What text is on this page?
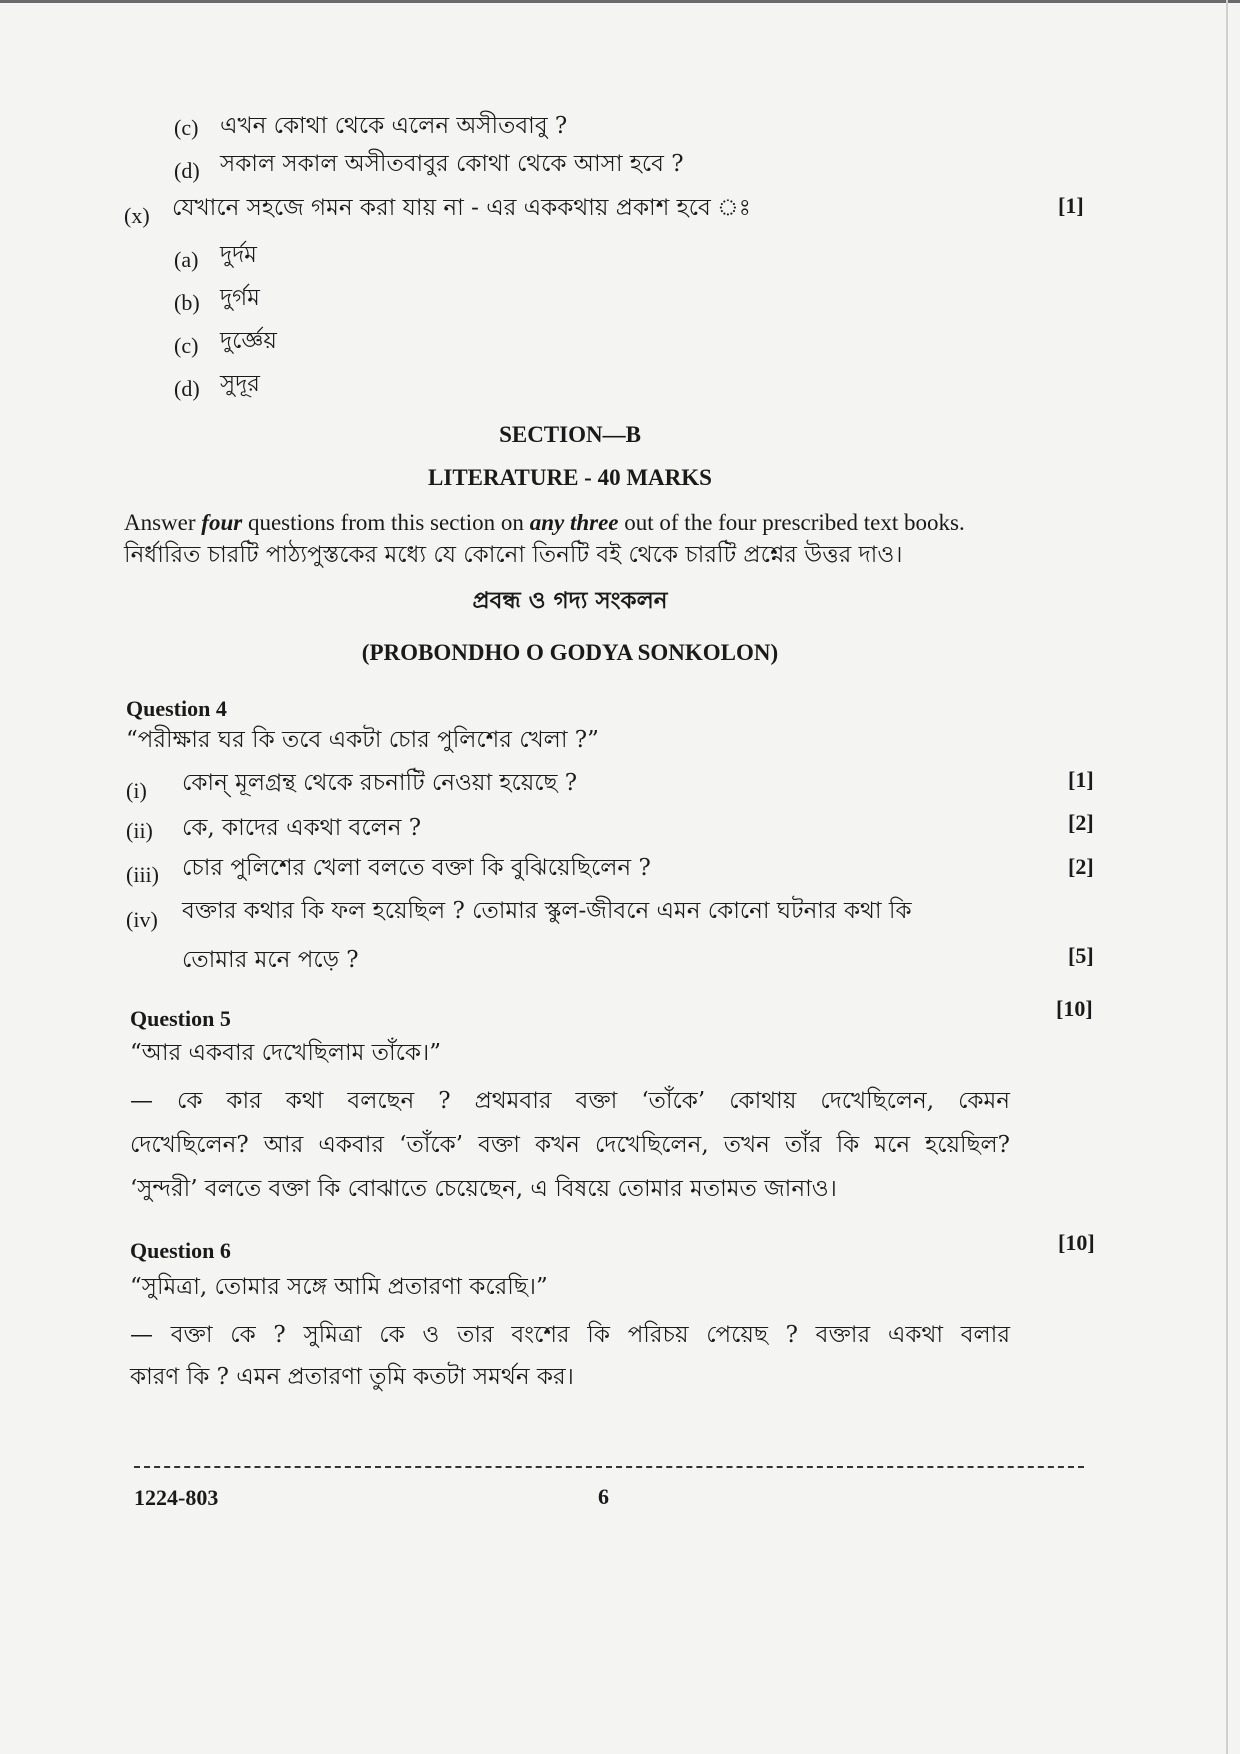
(c) এখন কোথা থেকে এলেন অসীতবাবু ?
(d) সকাল সকাল অসীতবাবুর কোথা থেকে আসা হবে ?
(x) যেখানে সহজে গমন করা যায় না - এর এককথায় প্রকাশ হবে ঃ	[1]
(a) দুর্দম
(b) দুর্গম
(c) দুর্জ্ঞেয়
(d) সুদূর
SECTION—B
LITERATURE - 40 MARKS
Answer four questions from this section on any three out of the four prescribed text books.
নির্ধারিত চারটি পাঠ্যপুস্তকের মধ্যে যে কোনো তিনটি বই থেকে চারটি প্রশ্নের উত্তর দাও।
প্রবন্ধ ও গদ্য সংকলন
(PROBONDHO O GODYA SONKOLON)
Question 4
“পরীক্ষার ঘর কি তবে একটা চোর পুলিশের খেলা ?”
(i) কোন্ মূলগ্রন্থ থেকে রচনাটি নেওয়া হয়েছে ?	[1]
(ii) কে, কাদের একথা বলেন ?	[2]
(iii) চোর পুলিশের খেলা বলতে বক্তা কি বুঝিয়েছিলেন ?	[2]
(iv) বক্তার কথার কি ফল হয়েছিল ? তোমার স্কুল-জীবনে এমন কোনো ঘটনার কথা কি
তোমার মনে পড়ে ?	[5]
Question 5	[10]
“আর একবার দেখেছিলাম তাঁকে।”
— কে কার কথা বলছেন ? প্রথমবার বক্তা ‘তাঁকে’ কোথায় দেখেছিলেন, কেমন
দেখেছিলেন? আর একবার ‘তাঁকে’ বক্তা কখন দেখেছিলেন, তখন তাঁর কি মনে হয়েছিল?
‘সুন্দরী’ বলতে বক্তা কি বোঝাতে চেয়েছেন, এ বিষয়ে তোমার মতামত জানাও।
Question 6	[10]
“সুমিত্রা, তোমার সঙ্গে আমি প্রতারণা করেছি।”
— বক্তা কে ? সুমিত্রা কে ও তার বংশের কি পরিচয় পেয়েছ ? বক্তার একথা বলার
কারণ কি ? এমন প্রতারণা তুমি কতটা সমর্থন কর।
1224-803	6
